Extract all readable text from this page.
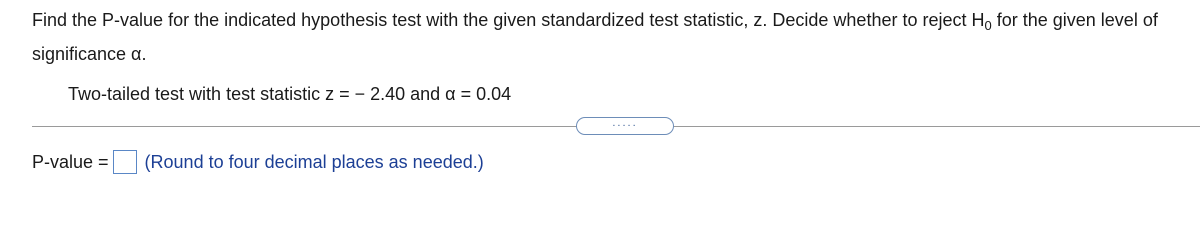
Find the P-value for the indicated hypothesis test with the given standardized test statistic, z. Decide whether to reject $H_0$ for the given level of significance α.
Two-tailed test with test statistic z = − 2.40 and α = 0.04
.....
P-value = (Round to four decimal places as needed.)
